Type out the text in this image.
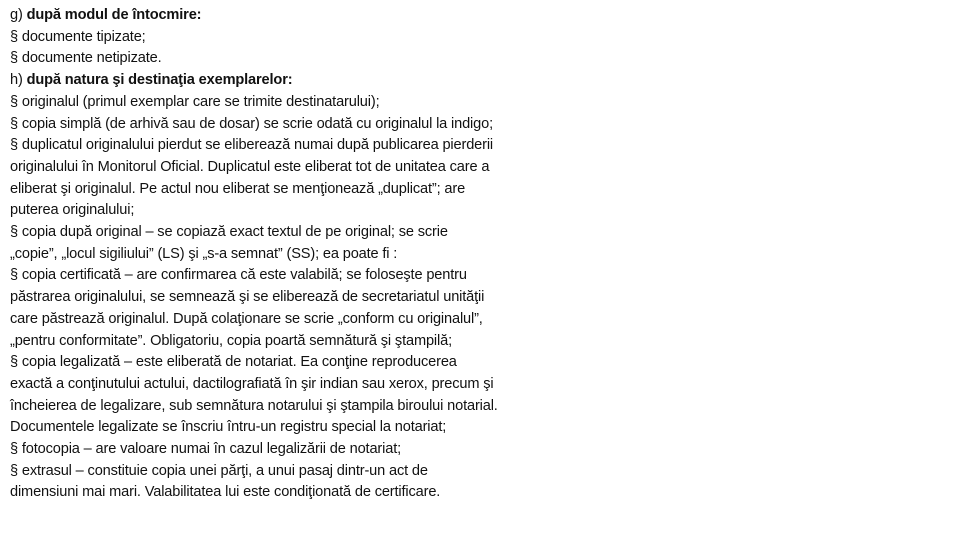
g) după modul de întocmire:
§ documente tipizate;
§ documente netipizate.
h) după natura şi destinaţia exemplarelor:
§ originalul (primul exemplar care se trimite destinatarului);
§ copia simplă (de arhivă sau de dosar) se scrie odată cu originalul la indigo;
§ duplicatul originalului pierdut se eliberează numai după publicarea pierderii
originalului în Monitorul Oficial. Duplicatul este eliberat tot de unitatea care a
eliberat şi originalul. Pe actul nou eliberat se menţionează „duplicat”; are
puterea originalului;
§ copia după original – se copiază exact textul de pe original; se scrie
„copie”, „locul sigiliului” (LS) şi „s-a semnat” (SS); ea poate fi :
§ copia certificată – are confirmarea că este valabilă; se foloseşte pentru
păstrarea originalului, se semnează şi se eliberează de secretariatul unităţii
care păstrează originalul. După colaţionare se scrie „conform cu originalul”,
„pentru conformitate”. Obligatoriu, copia poartă semnătură şi ştampilă;
§ copia legalizată – este eliberată de notariat. Ea conţine reproducerea
exactă a conţinutului actului, dactilografiată în şir indian sau xerox, precum şi
încheierea de legalizare, sub semnătura notarului şi ştampila biroului notarial.
Documentele legalizate se înscriu întru-un registru special la notariat;
§ fotocopia – are valoare numai în cazul legalizării de notariat;
§ extrasul – constituie copia unei părţi, a unui pasaj dintr-un act de
dimensiuni mai mari. Valabilitatea lui este condiţionată de certificare.
